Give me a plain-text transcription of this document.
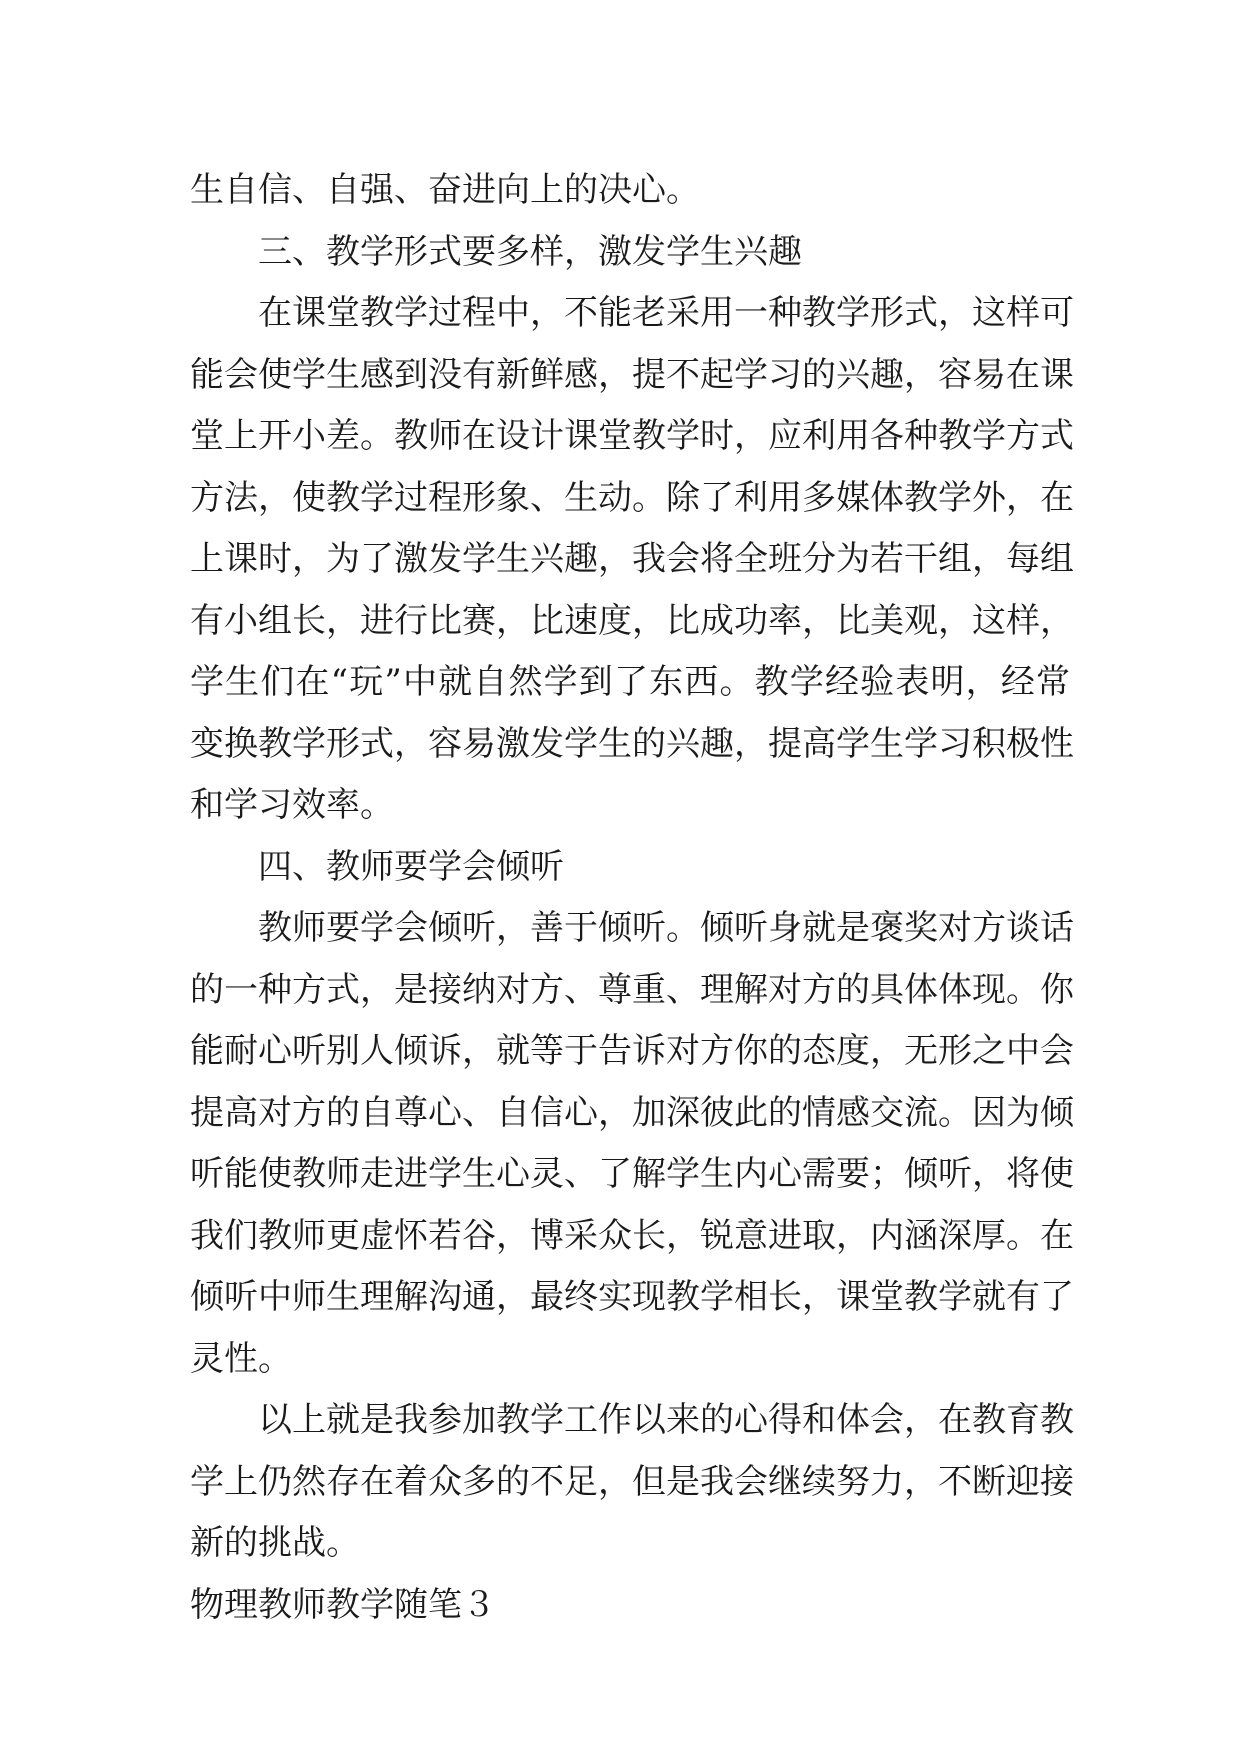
生自信、自强、奋进向上的决心。
三、教学形式要多样，激发学生兴趣
在课堂教学过程中，不能老采用一种教学形式，这样可
能会使学生感到没有新鲜感，提不起学习的兴趣，容易在课
堂上开小差。教师在设计课堂教学时，应利用各种教学方式
方法，使教学过程形象、生动。除了利用多媒体教学外，在
上课时，为了激发学生兴趣，我会将全班分为若干组，每组
有小组长，进行比赛，比速度，比成功率，比美观，这样，
学生们在“玩”中就自然学到了东西。教学经验表明，经常
变换教学形式，容易激发学生的兴趣，提高学生学习积极性
和学习效率。
四、教师要学会倾听
教师要学会倾听，善于倾听。倾听身就是褒奖对方谈话
的一种方式，是接纳对方、尊重、理解对方的具体体现。你
能耐心听别人倾诉，就等于告诉对方你的态度，无形之中会
提高对方的自尊心、自信心，加深彼此的情感交流。因为倾
听能使教师走进学生心灵、了解学生内心需要；倾听，将使
我们教师更虚怀若谷，博采众长，锐意进取，内涵深厚。在
倾听中师生理解沟通，最终实现教学相长，课堂教学就有了
灵性。
以上就是我参加教学工作以来的心得和体会，在教育教
学上仍然存在着众多的不足，但是我会继续努力，不断迎接
新的挑战。
物理教师教学随笔３
